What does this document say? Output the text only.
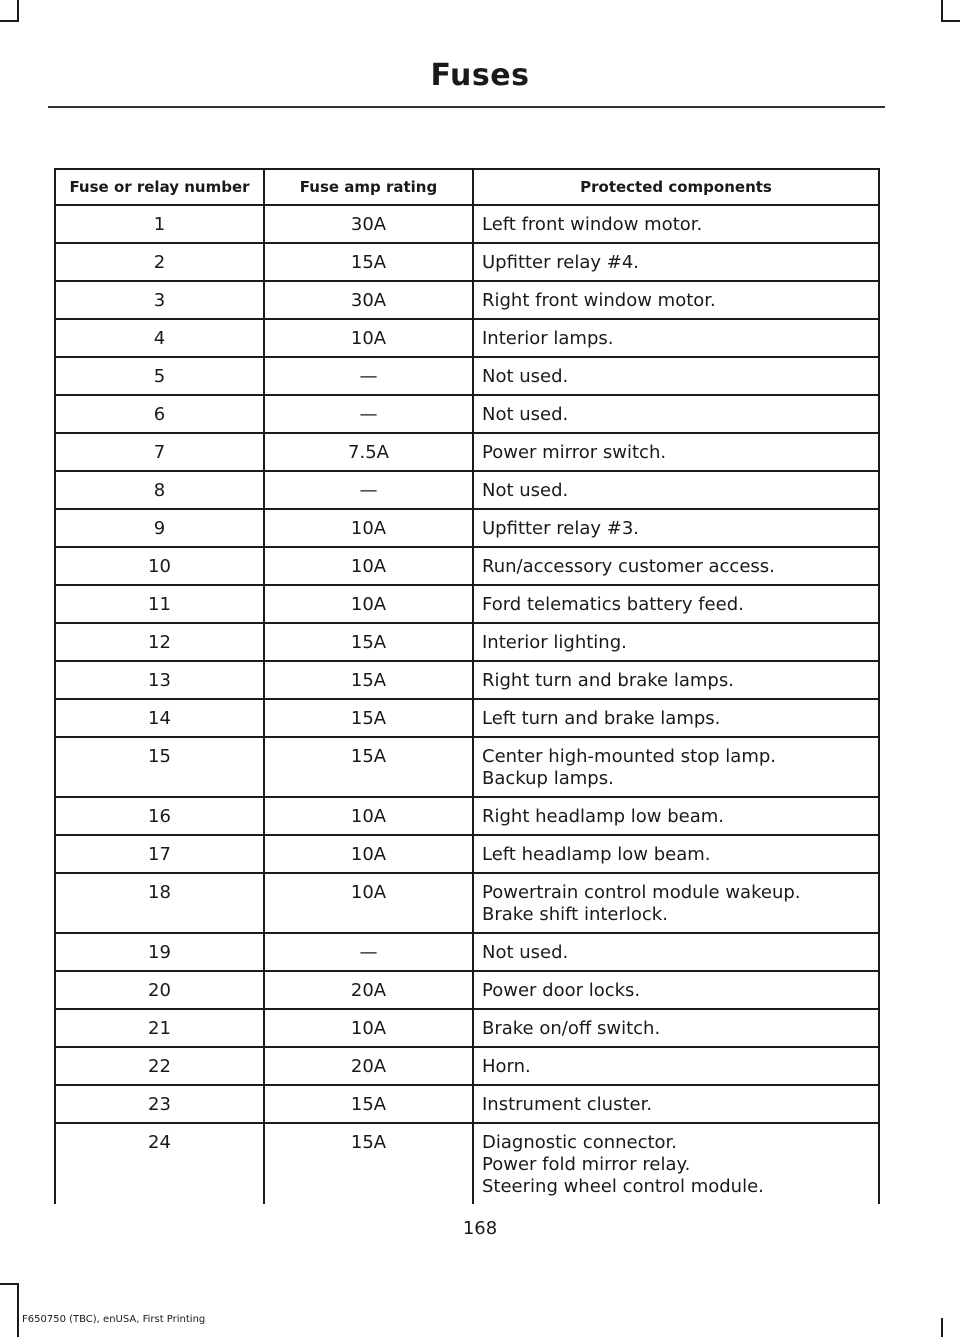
Fuses
Fuse or relay number	Fuse amp rating	Protected components
1	30A	Left front window motor.

2	15A	Upfitter relay #4.

3	30A	Right front window motor.

4	10A	Interior lamps.

5	—	Not used.

6	—	Not used.

7	7.5A	Power mirror switch.

8	—	Not used.

9	10A	Upfitter relay #3.

10	10A	Run/accessory customer access.

11	10A	Ford telematics battery feed.

12	15A	Interior lighting.

13	15A	Right turn and brake lamps.

14	15A	Left turn and brake lamps.

15	15A	Center high-mounted stop lamp.
Backup lamps.

16	10A	Right headlamp low beam.

17	10A	Left headlamp low beam.

18	10A	Powertrain control module wakeup.
Brake shift interlock.

19	—	Not used.

20	20A	Power door locks.

21	10A	Brake on/off switch.

22	20A	Horn.

23	15A	Instrument cluster.

24	15A	Diagnostic connector.
Power fold mirror relay.
Steering wheel control module.
168
F650750 (TBC), enUSA, First Printing
